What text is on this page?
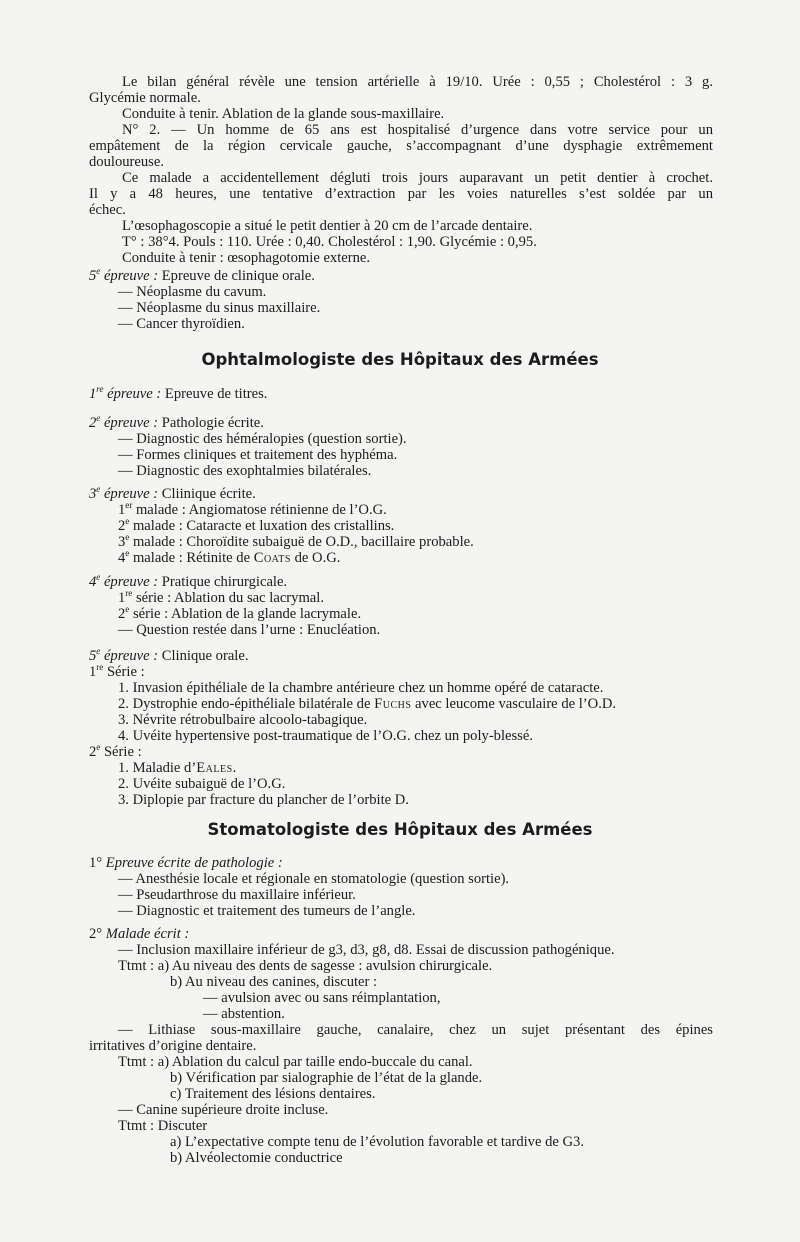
Le bilan général révèle une tension artérielle à 19/10. Urée : 0,55 ; Cholestérol : 3 g.
Glycémie normale.
Conduite à tenir. Ablation de la glande sous-maxillaire.
N° 2. — Un homme de 65 ans est hospitalisé d’urgence dans votre service pour un
empâtement de la région cervicale gauche, s’accompagnant d’une dysphagie extrêmement
douloureuse.
Ce malade a accidentellement dégluti trois jours auparavant un petit dentier à crochet.
Il y a 48 heures, une tentative d’extraction par les voies naturelles s’est soldée par un
échec.
L’œsophagoscopie a situé le petit dentier à 20 cm de l’arcade dentaire.
T° : 38°4. Pouls : 110. Urée : 0,40. Cholestérol : 1,90. Glycémie : 0,95.
Conduite à tenir : œsophagotomie externe.
5e épreuve : Epreuve de clinique orale.
— Néoplasme du cavum.
— Néoplasme du sinus maxillaire.
— Cancer thyroïdien.
Ophtalmologiste des Hôpitaux des Armées
1re épreuve : Epreuve de titres.
2e épreuve : Pathologie écrite.
— Diagnostic des héméralopies (question sortie).
— Formes cliniques et traitement des hyphéma.
— Diagnostic des exophtalmies bilatérales.
3e épreuve : Cliinique écrite.
1er malade : Angiomatose rétinienne de l’O.G.
2e malade : Cataracte et luxation des cristallins.
3e malade : Choroïdite subaiguë de O.D., bacillaire probable.
4e malade : Rétinite de Coats de O.G.
4e épreuve : Pratique chirurgicale.
1re série : Ablation du sac lacrymal.
2e série : Ablation de la glande lacrymale.
— Question restée dans l’urne : Enucléation.
5e épreuve : Clinique orale.
1re Série :
1. Invasion épithéliale de la chambre antérieure chez un homme opéré de cataracte.
2. Dystrophie endo-épithéliale bilatérale de Fuchs avec leucome vasculaire de l’O.D.
3. Névrite rétrobulbaire alcoolo-tabagique.
4. Uvéite hypertensive post-traumatique de l’O.G. chez un poly-blessé.
2e Série :
1. Maladie d’Eales.
2. Uvéite subaiguë de l’O.G.
3. Diplopie par fracture du plancher de l’orbite D.
Stomatologiste des Hôpitaux des Armées
1° Epreuve écrite de pathologie :
— Anesthésie locale et régionale en stomatologie (question sortie).
— Pseudarthrose du maxillaire inférieur.
— Diagnostic et traitement des tumeurs de l’angle.
2° Malade écrit :
— Inclusion maxillaire inférieur de g3, d3, g8, d8. Essai de discussion pathogénique.
Ttmt : a) Au niveau des dents de sagesse : avulsion chirurgicale.
b) Au niveau des canines, discuter :
— avulsion avec ou sans réimplantation,
— abstention.
— Lithiase sous-maxillaire gauche, canalaire, chez un sujet présentant des épines
irritatives d’origine dentaire.
Ttmt : a) Ablation du calcul par taille endo-buccale du canal.
b) Vérification par sialographie de l’état de la glande.
c) Traitement des lésions dentaires.
— Canine supérieure droite incluse.
Ttmt : Discuter
a) L’expectative compte tenu de l’évolution favorable et tardive de G3.
b) Alvéolectomie conductrice
